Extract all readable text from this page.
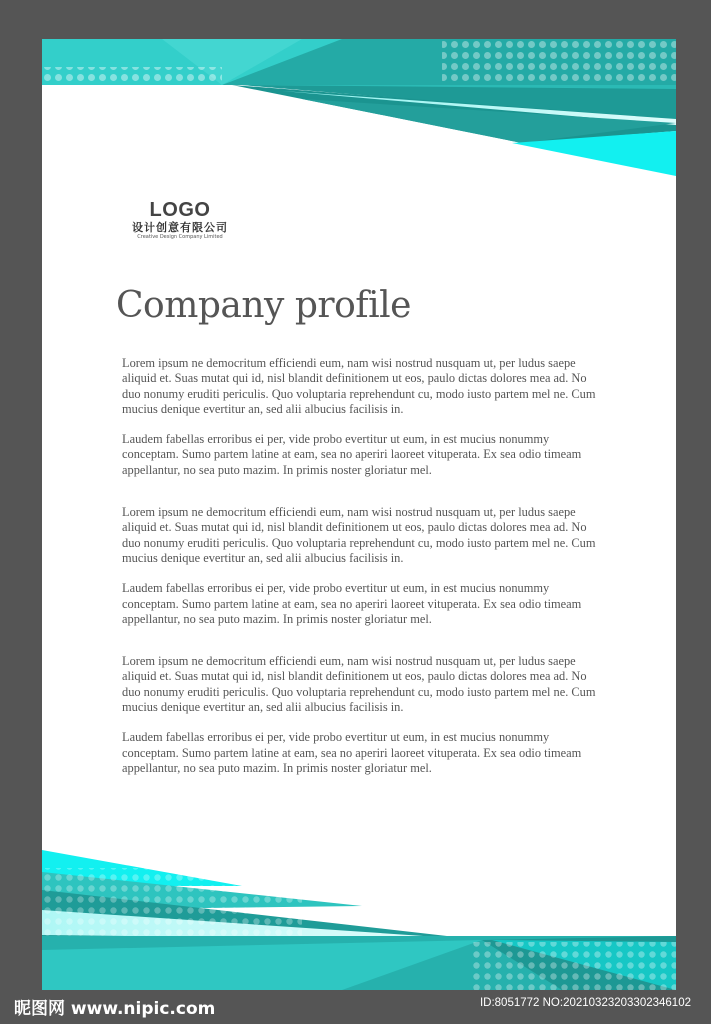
LOGO
设计创意有限公司
Creative Design Company Limited
Company profile

Lorem ipsum ne democritum efficiendi eum, nam wisi nostrud nusquam ut, per ludus saepe aliquid et. Suas mutat qui id, nisl blandit definitionem ut eos, paulo dictas dolores mea ad. No duo nonumy eruditi periculis. Quo voluptaria reprehendunt cu, modo iusto partem mel ne. Cum mucius denique evertitur an, sed alii albucius facilisis in.

Laudem fabellas erroribus ei per, vide probo evertitur ut eum, in est mucius nonummy conceptam. Sumo partem latine at eam, sea no aperiri laoreet vituperata. Ex sea odio timeam appellantur, no sea puto mazim. In primis noster gloriatur mel.

Lorem ipsum ne democritum efficiendi eum, nam wisi nostrud nusquam ut, per ludus saepe aliquid et. Suas mutat qui id, nisl blandit definitionem ut eos, paulo dictas dolores mea ad. No duo nonumy eruditi periculis. Quo voluptaria reprehendunt cu, modo iusto partem mel ne. Cum mucius denique evertitur an, sed alii albucius facilisis in.

Laudem fabellas erroribus ei per, vide probo evertitur ut eum, in est mucius nonummy conceptam. Sumo partem latine at eam, sea no aperiri laoreet vituperata. Ex sea odio timeam appellantur, no sea puto mazim. In primis noster gloriatur mel.

Lorem ipsum ne democritum efficiendi eum, nam wisi nostrud nusquam ut, per ludus saepe aliquid et. Suas mutat qui id, nisl blandit definitionem ut eos, paulo dictas dolores mea ad. No duo nonumy eruditi periculis. Quo voluptaria reprehendunt cu, modo iusto partem mel ne. Cum mucius denique evertitur an, sed alii albucius facilisis in.

Laudem fabellas erroribus ei per, vide probo evertitur ut eum, in est mucius nonummy conceptam. Sumo partem latine at eam, sea no aperiri laoreet vituperata. Ex sea odio timeam appellantur, no sea puto mazim. In primis noster gloriatur mel.

昵图网 www.nipic.com	ID:8051772 NO:20210323203302346102
